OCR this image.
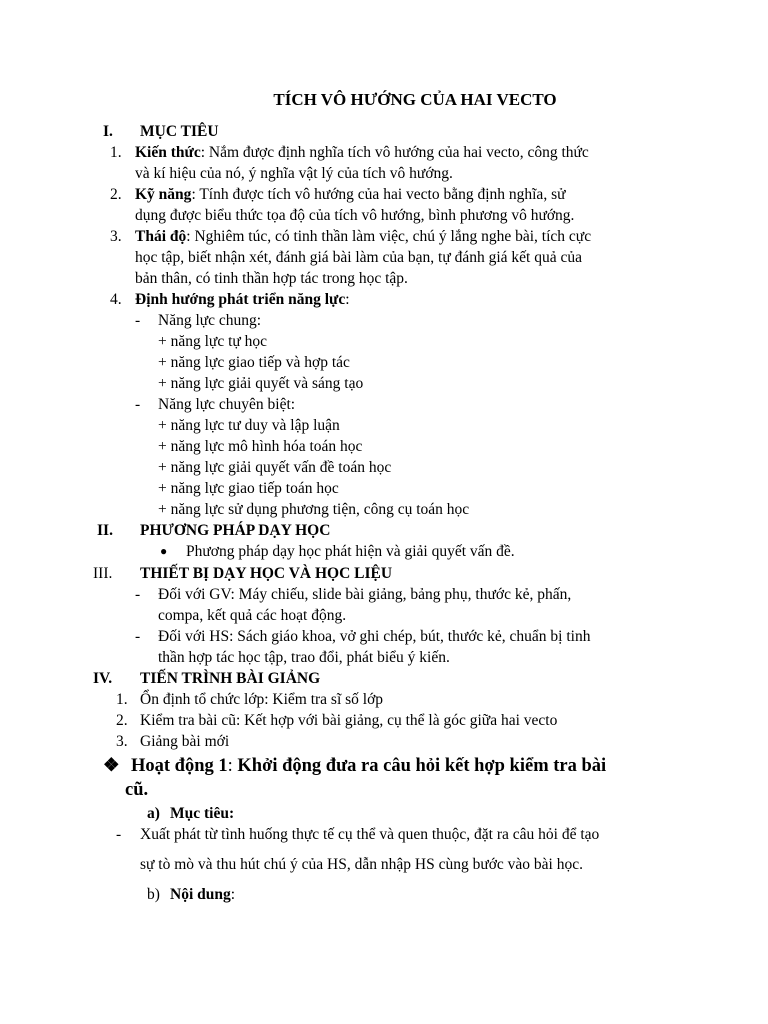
TÍCH VÔ HƯỚNG CỦA HAI VECTO
I. MỤC TIÊU
1. Kiến thức: Nắm được định nghĩa tích vô hướng của hai vecto, công thức
và kí hiệu của nó, ý nghĩa vật lý của tích vô hướng.
2. Kỹ năng: Tính được tích vô hướng của hai vecto bằng định nghĩa, sử
dụng được biểu thức tọa độ của tích vô hướng, bình phương vô hướng.
3. Thái độ: Nghiêm túc, có tinh thần làm việc, chú ý lắng nghe bài, tích cực
học tập, biết nhận xét, đánh giá bài làm của bạn, tự đánh giá kết quả của
bản thân, có tinh thần hợp tác trong học tập.
4. Định hướng phát triển năng lực:
- Năng lực chung:
+ năng lực tự học
+ năng lực giao tiếp và hợp tác
+ năng lực giải quyết và sáng tạo
- Năng lực chuyên biệt:
+ năng lực tư duy và lập luận
+ năng lực mô hình hóa toán học
+ năng lực giải quyết vấn đề toán học
+ năng lực giao tiếp toán học
+ năng lực sử dụng phương tiện, công cụ toán học
II. PHƯƠNG PHÁP DẠY HỌC
● Phương pháp dạy học phát hiện và giải quyết vấn đề.
III. THIẾT BỊ DẠY HỌC VÀ HỌC LIỆU
- Đối với GV: Máy chiếu, slide bài giảng, bảng phụ, thước kẻ, phấn,
compa, kết quả các hoạt động.
- Đối với HS: Sách giáo khoa, vở ghi chép, bút, thước kẻ, chuẩn bị tinh
thần hợp tác học tập, trao đổi, phát biểu ý kiến.
IV. TIẾN TRÌNH BÀI GIẢNG
1. Ổn định tổ chức lớp: Kiểm tra sĩ số lớp
2. Kiểm tra bài cũ: Kết hợp với bài giảng, cụ thể là góc giữa hai vecto
3. Giảng bài mới
❖ Hoạt động 1: Khởi động đưa ra câu hỏi kết hợp kiểm tra bài
cũ.
a) Mục tiêu:
- Xuất phát từ tình huống thực tế cụ thể và quen thuộc, đặt ra câu hỏi để tạo
sự tò mò và thu hút chú ý của HS, dẫn nhập HS cùng bước vào bài học.
b) Nội dung:
